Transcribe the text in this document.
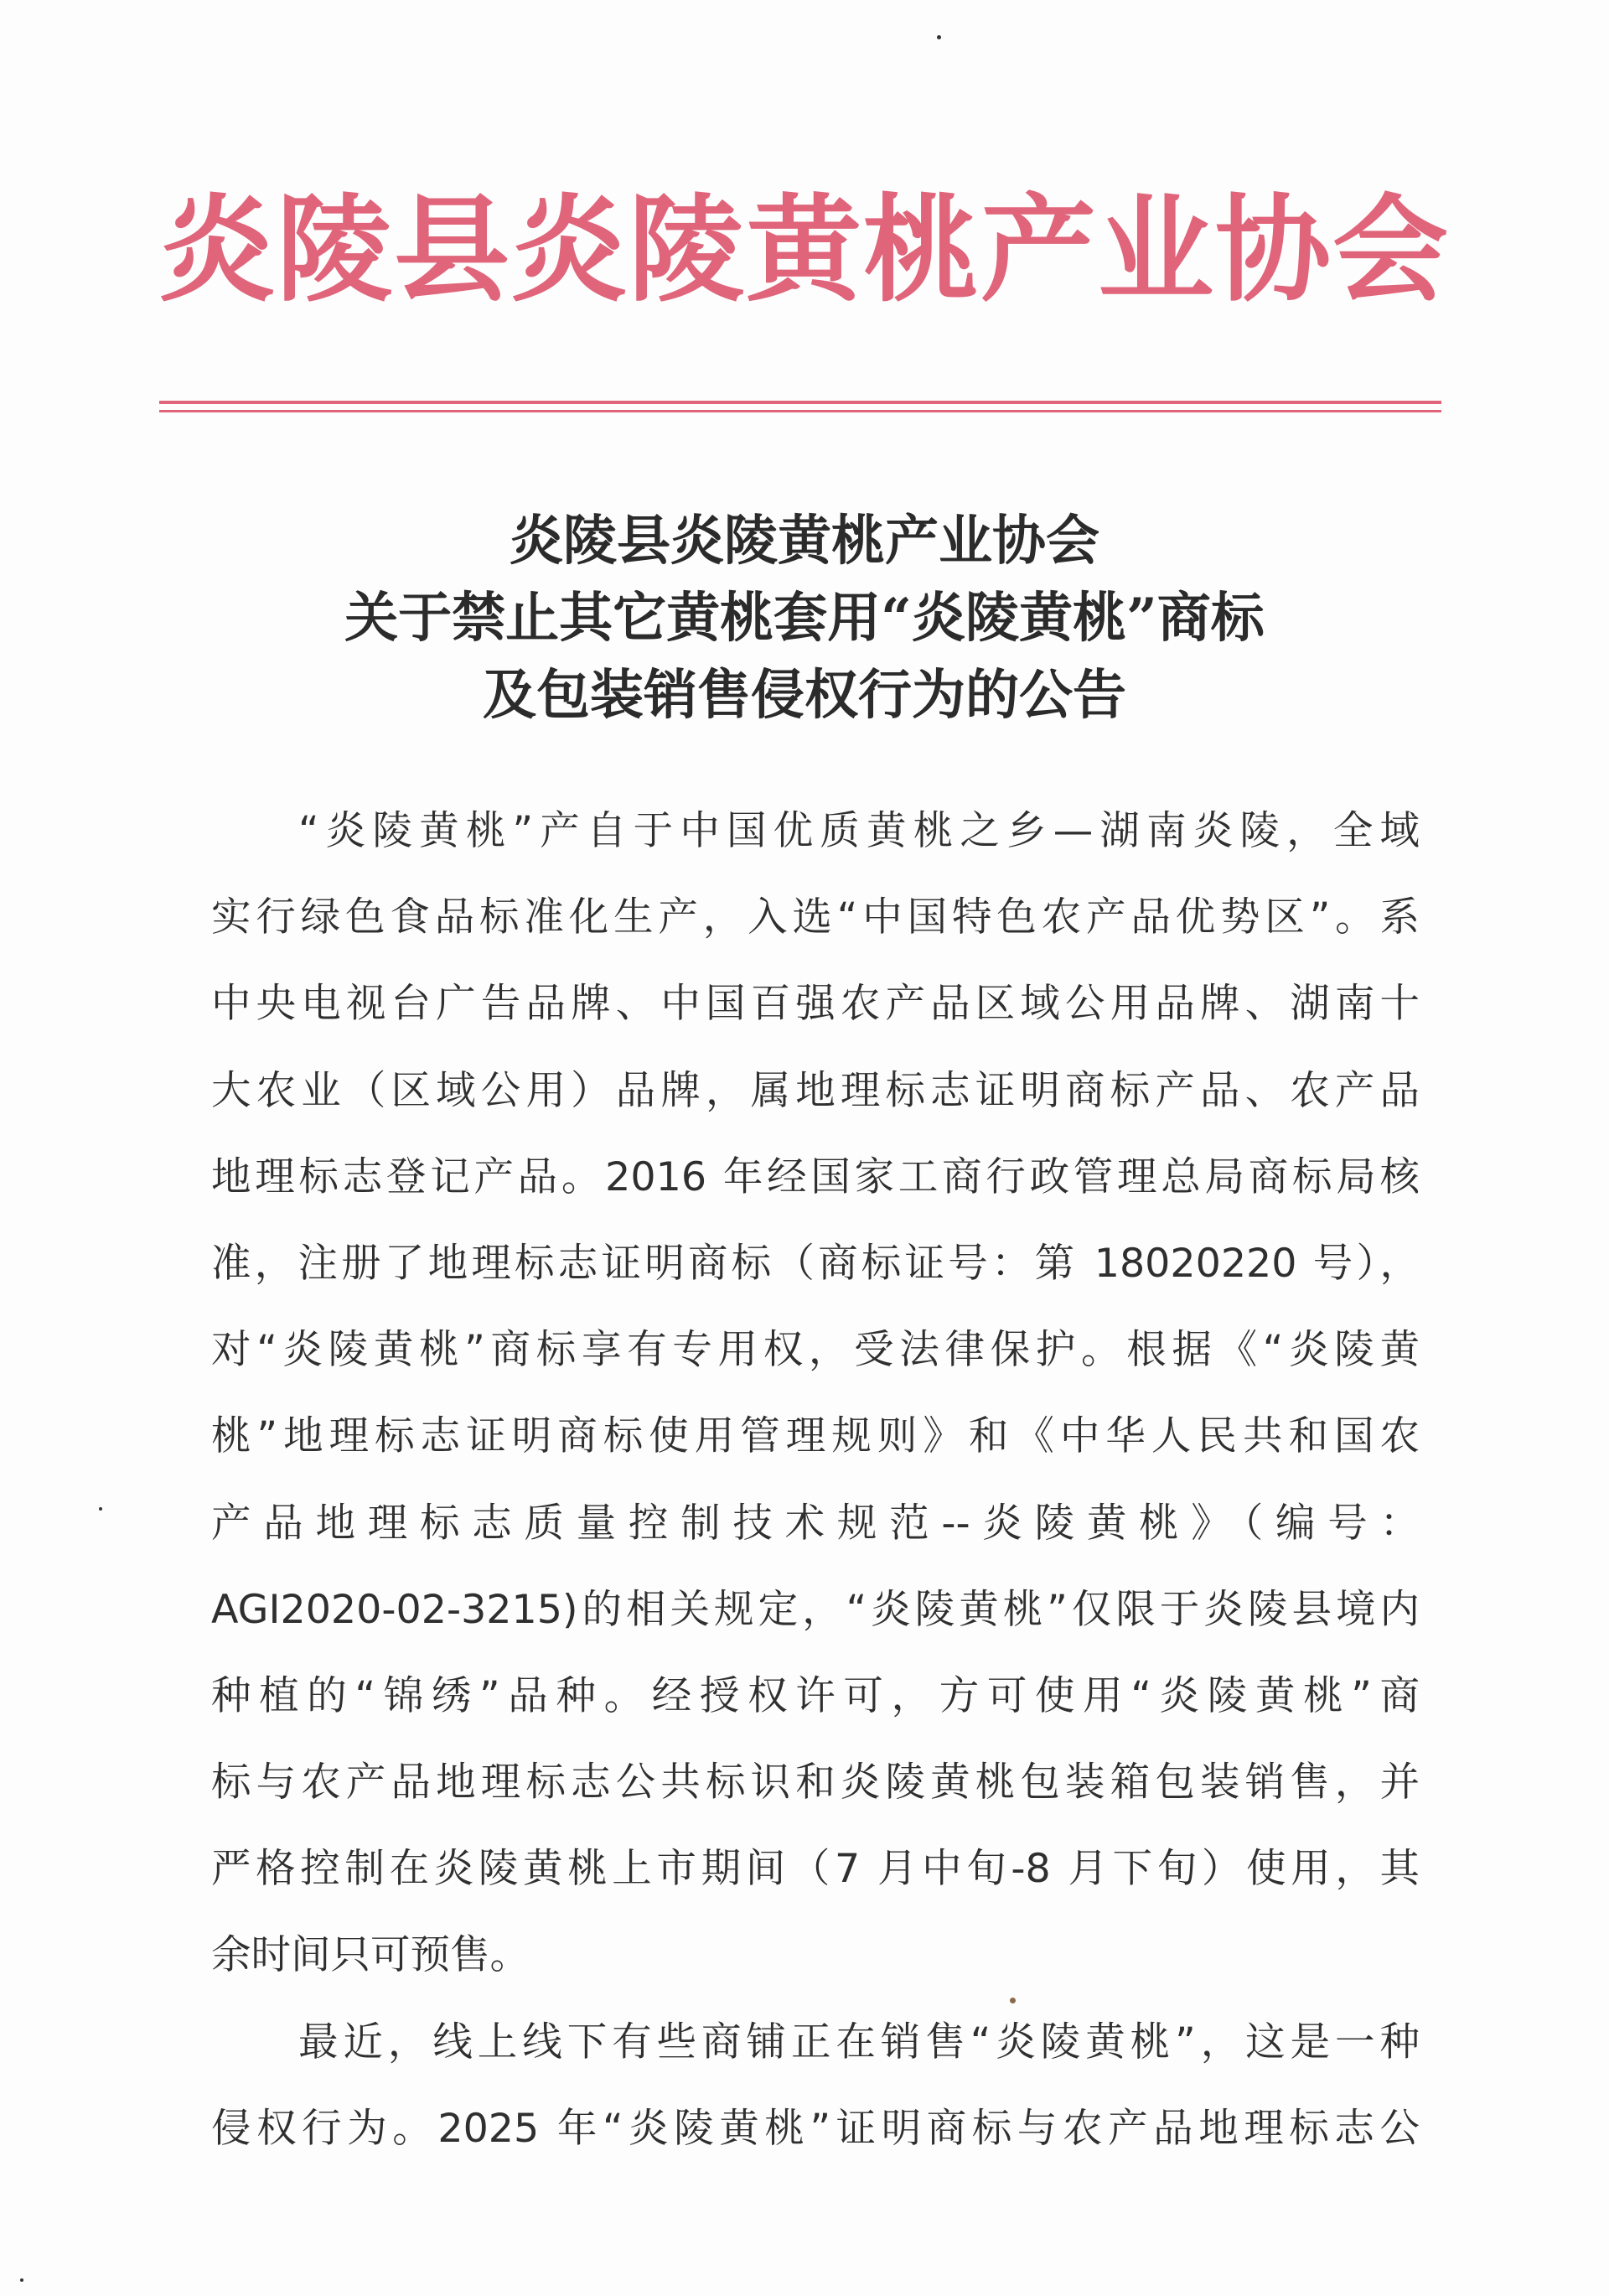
炎陵县炎陵黄桃产业协会
炎陵县炎陵黄桃产业协会
关于禁止其它黄桃套用“炎陵黄桃”商标
及包装销售侵权行为的公告
“炎陵黄桃”产自于中国优质黄桃之乡—湖南炎陵，全域
实行绿色食品标准化生产，入选“中国特色农产品优势区”。系
中央电视台广告品牌、中国百强农产品区域公用品牌、湖南十
大农业（区域公用）品牌，属地理标志证明商标产品、农产品
地理标志登记产品。2016 年经国家工商行政管理总局商标局核
准，注册了地理标志证明商标（商标证号：第 18020220 号），
对“炎陵黄桃”商标享有专用权，受法律保护。根据《“炎陵黄
桃”地理标志证明商标使用管理规则》和《中华人民共和国农
产品地理标志质量控制技术规范--炎陵黄桃》（编号：
AGI2020-02-3215)的相关规定，“炎陵黄桃”仅限于炎陵县境内
种植的“锦绣”品种。经授权许可，方可使用“炎陵黄桃”商
标与农产品地理标志公共标识和炎陵黄桃包装箱包装销售，并
严格控制在炎陵黄桃上市期间（7 月中旬-8 月下旬）使用，其
余时间只可预售。
最近，线上线下有些商铺正在销售“炎陵黄桃”，这是一种
侵权行为。2025 年“炎陵黄桃”证明商标与农产品地理标志公
